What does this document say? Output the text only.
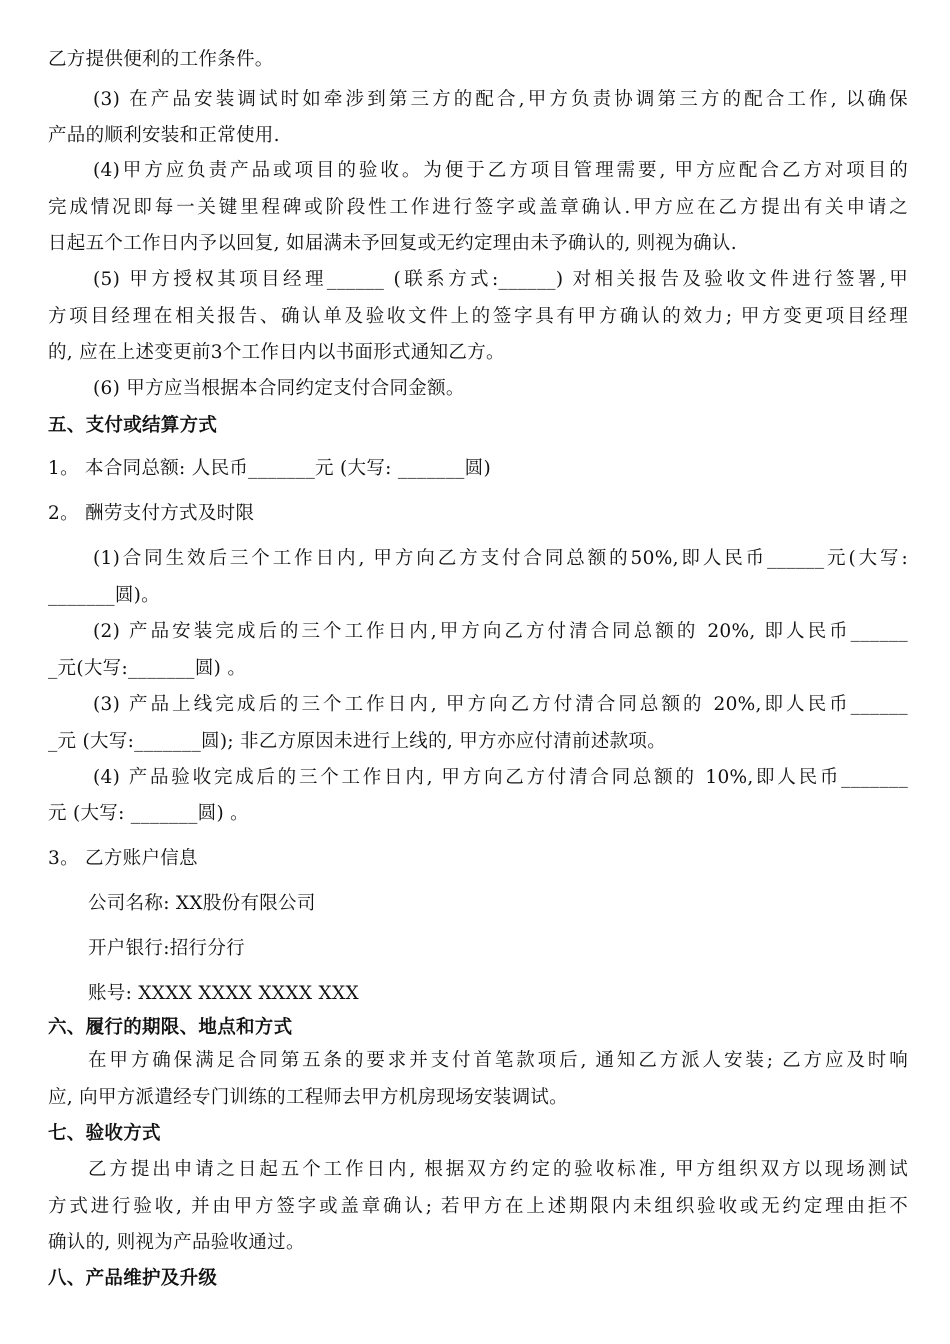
乙方提供便利的工作条件。
(3) 在产品安装调试时如牵涉到第三方的配合,甲方负责协调第三方的配合工作, 以确保
产品的顺利安装和正常使用.
(4)甲方应负责产品或项目的验收。为便于乙方项目管理需要, 甲方应配合乙方对项目的
完成情况即每一关键里程碑或阶段性工作进行签字或盖章确认.甲方应在乙方提出有关申请之
日起五个工作日内予以回复, 如届满未予回复或无约定理由未予确认的, 则视为确认.
(5) 甲方授权其项目经理______ (联系方式:______) 对相关报告及验收文件进行签署,甲
方项目经理在相关报告、确认单及验收文件上的签字具有甲方确认的效力; 甲方变更项目经理
的, 应在上述变更前3个工作日内以书面形式通知乙方。
(6) 甲方应当根据本合同约定支付合同金额。
五、支付或结算方式
1。 本合同总额: 人民币_______元 (大写: _______圆)
2。 酬劳支付方式及时限
(1)合同生效后三个工作日内, 甲方向乙方支付合同总额的50%,即人民币______元(大写:
_______圆)。
(2) 产品安装完成后的三个工作日内,甲方向乙方付清合同总额的 20%, 即人民币______
_元(大写:_______圆) 。
(3) 产品上线完成后的三个工作日内, 甲方向乙方付清合同总额的 20%,即人民币______
_元 (大写:_______圆); 非乙方原因未进行上线的, 甲方亦应付清前述款项。
(4) 产品验收完成后的三个工作日内, 甲方向乙方付清合同总额的 10%,即人民币_______
元 (大写: _______圆) 。
3。 乙方账户信息
公司名称: XX股份有限公司
开户银行:招行分行
账号: XXXX XXXX XXXX XXX
六、履行的期限、地点和方式
在甲方确保满足合同第五条的要求并支付首笔款项后, 通知乙方派人安装; 乙方应及时响
应, 向甲方派遣经专门训练的工程师去甲方机房现场安装调试。
七、验收方式
乙方提出申请之日起五个工作日内, 根据双方约定的验收标准, 甲方组织双方以现场测试
方式进行验收, 并由甲方签字或盖章确认; 若甲方在上述期限内未组织验收或无约定理由拒不
确认的, 则视为产品验收通过。
八、产品维护及升级
